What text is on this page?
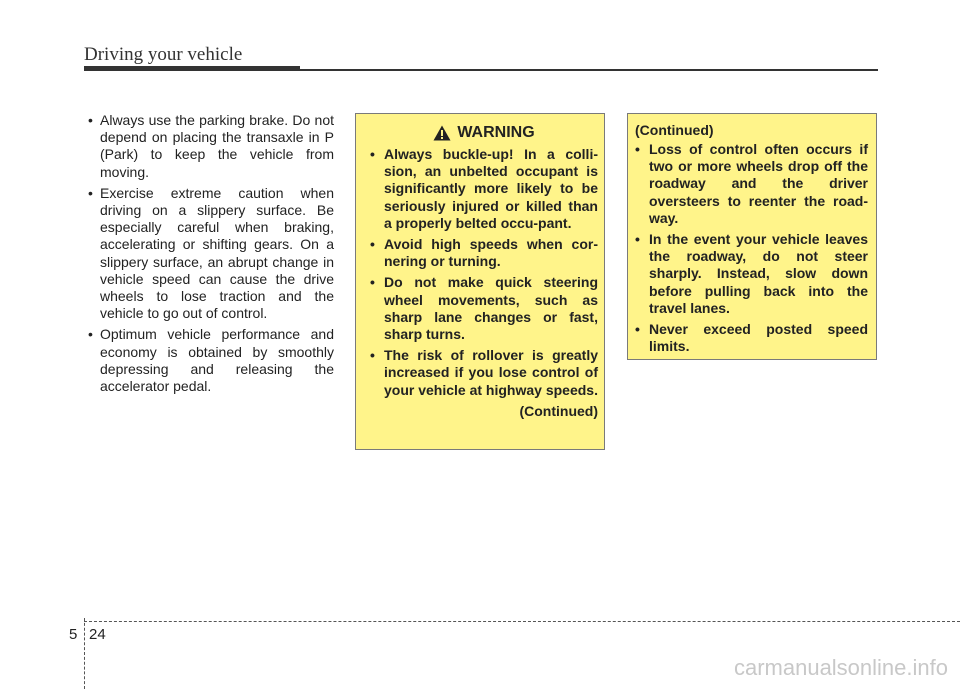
Driving your vehicle
• Always use the parking brake. Do not depend on placing the transaxle in P (Park) to keep the vehicle from moving.
• Exercise extreme caution when driving on a slippery surface. Be especially careful when braking, accelerating or shifting gears. On a slippery surface, an abrupt change in vehicle speed can cause the drive wheels to lose traction and the vehicle to go out of control.
• Optimum vehicle performance and economy is obtained by smoothly depressing and releasing the accelerator pedal.
WARNING
• Always buckle-up! In a colli-sion, an unbelted occupant is significantly more likely to be seriously injured or killed than a properly belted occu-pant.
• Avoid high speeds when cor-nering or turning.
• Do not make quick steering wheel movements, such as sharp lane changes or fast, sharp turns.
• The risk of rollover is greatly increased if you lose control of your vehicle at highway speeds.
(Continued)
(Continued)
• Loss of control often occurs if two or more wheels drop off the roadway and the driver oversteers to reenter the road-way.
• In the event your vehicle leaves the roadway, do not steer sharply. Instead, slow down before pulling back into the travel lanes.
• Never exceed posted speed limits.
5 24
carmanualsonline.info
